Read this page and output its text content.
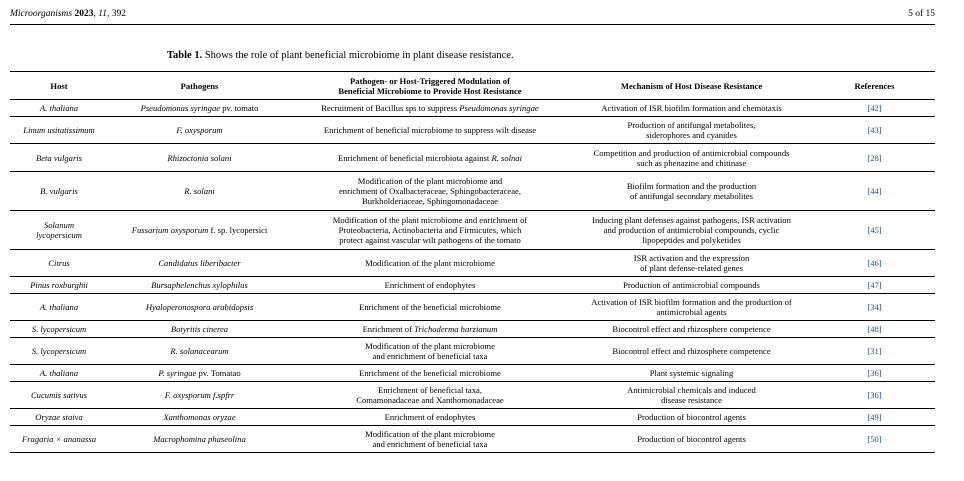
Microorganisms 2023, 11, 392	5 of 15
Table 1. Shows the role of plant beneficial microbiome in plant disease resistance.
Host	Pathogens	Pathogen- or Host-Triggered Modulation of Beneficial Microbiome to Provide Host Resistance	Mechanism of Host Disease Resistance	References
A. thaliana	Pseudomonas syringae pv. tomato	Recruitment of Bacillus sps to suppress Pseudomonas syringae	Activation of ISR biofilm formation and chemotaxis	[42]
Linum usitatissimum	F. oxysporum	Enrichment of beneficial microbiome to suppress wilt disease	Production of antifungal metabolites,
siderophores and cyanides	[43]
Beta vulgaris	Rhizoctonia solani	Enrichment of beneficial microbiota against R. solnai	Competition and production of antimicrobial compounds
such as phenazine and chitinase	[28]
B. vulgaris	R. solani	Modification of the plant microbiome and
enrichment of Oxalbacteraceae, Sphingobacteraceae,
Burkholderiaceae, Sphingomonadaceae	Biofilm formation and the production
of antifungal secondary metabolites	[44]
Solanum
lycopersicum	Fussarium oxysporum f. sp. lycopersici	Modification of the plant microbiome and enrichment of
Proteobacteria, Actinobacteria and Firmicutes, which
protect against vascular wilt pathogens of the tomato	Inducing plant defenses against pathogens, ISR activation
and production of antimicrobial compounds, cyclic
lipopeptides and polyketides	[45]
Citrus	Candidatus liberibacter	Modification of the plant microbiome	ISR activation and the expression
of plant defense-related genes	[46]
Pinus roxburghii	Bursaphelenchus xylophilus	Enrichment of endophytes	Production of antimicrobial compounds	[47]
A. thaliana	Hyaloperonospora arabidopsis	Enrichment of the beneficial microbiome	Activation of ISR biofilm formation and the production of
antimicrobial agents	[34]
S. lycopersicum	Botyritis cinerea	Enrichment of Trichoderma harzianum	Biocontrol effect and rhizosphere competence	[48]
S. lycopersicum	R. solanacearum	Modification of the plant microbiome
and enrichment of beneficial taxa	Biocontrol effect and rhizosphere competence	[31]
A. thaliana	P. syringae pv. Tomatao	Enrichment of the beneficial microbiome	Plant systemic signaling	[36]
Cucumis sativus	F. oxysporum f.spfrr	Enrichment of beneficial taxa,
Comamonadaceae and Xanthomonadaceae	Antimicrobial chemicals and induced
disease resistance	[36]
Oryzae staiva	Xanthomonas oryzae	Enrichment of endophytes	Production of biocontrol agents	[49]
Fragaria × ananassa	Macrophomina phaseolina	Modification of the plant microbiome
and enrichment of beneficial taxa	Production of biocontrol agents	[50]
